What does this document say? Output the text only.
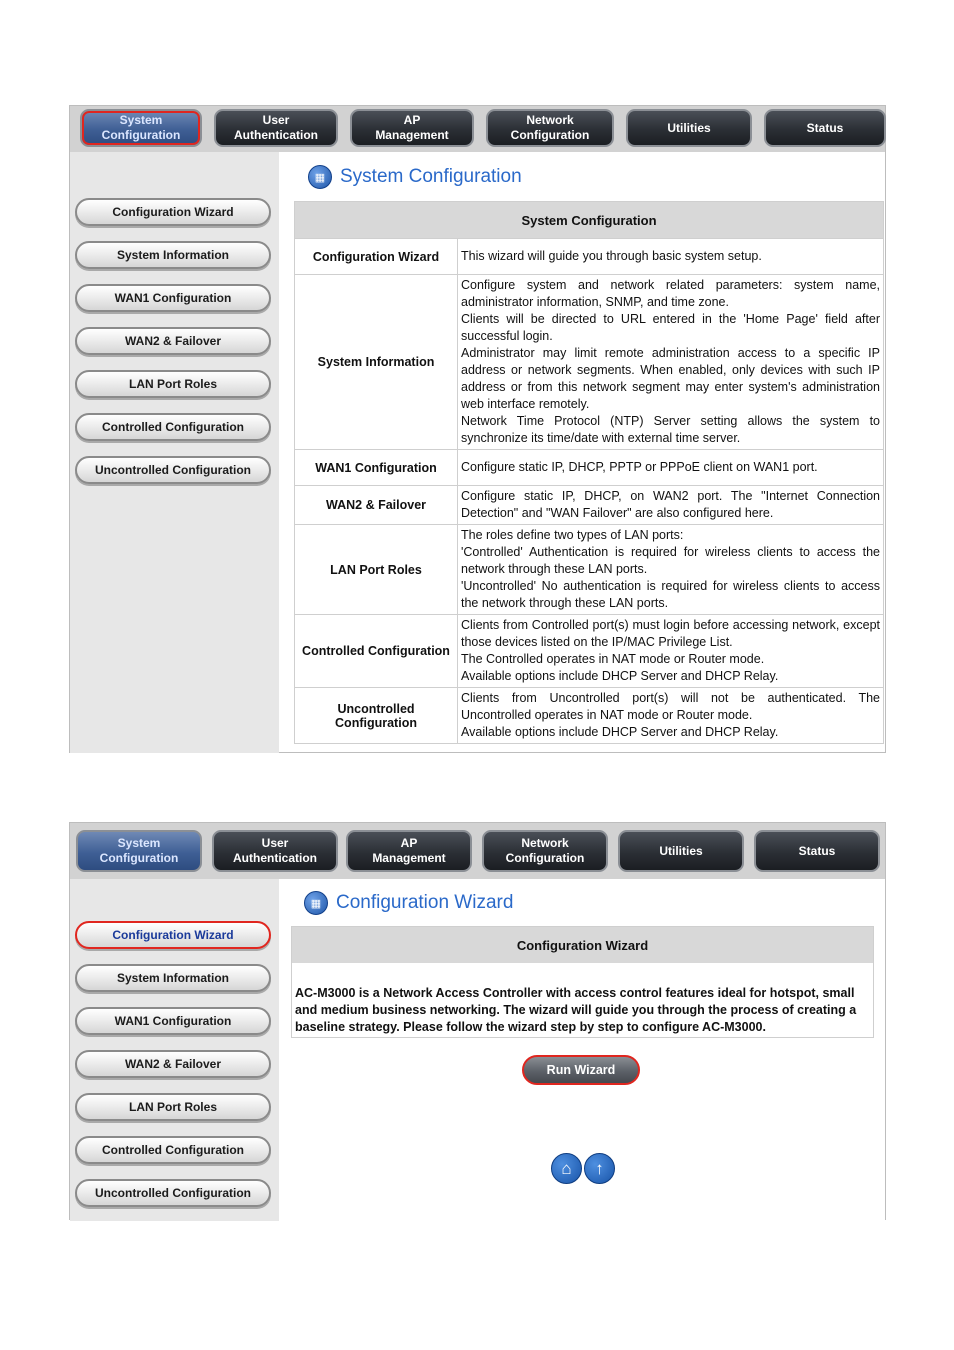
System
Configuration
User
Authentication
AP
Management
Network
Configuration
Utilities	Status
Configuration Wizard
System Information
WAN1 Configuration
WAN2 & Failover
LAN Port Roles
Controlled Configuration
Uncontrolled Configuration
▦ System Configuration
System Configuration	
Configuration Wizard	This wizard will guide you through basic system setup.
System Information	Configure system and network related parameters: system name, administrator information, SNMP, and time zone.
Clients will be directed to URL entered in the 'Home Page' field after successful login.
Administrator may limit remote administration access to a specific IP address or network segments. When enabled, only devices with such IP address or from this network segment may enter system's administration web interface remotely.
Network Time Protocol (NTP) Server setting allows the system to synchronize its time/date with external time server.
WAN1 Configuration	Configure static IP, DHCP, PPTP or PPPoE client on WAN1 port.
WAN2 & Failover	Configure static IP, DHCP, on WAN2 port. The "Internet Connection Detection" and "WAN Failover" are also configured here.
LAN Port Roles	The roles define two types of LAN ports:
'Controlled' Authentication is required for wireless clients to access the network through these LAN ports.
'Uncontrolled' No authentication is required for wireless clients to access the network through these LAN ports.
Controlled Configuration	Clients from Controlled port(s) must login before accessing network, except those devices listed on the IP/MAC Privilege List.
The Controlled operates in NAT mode or Router mode.
Available options include DHCP Server and DHCP Relay.
Uncontrolled Configuration	Clients from Uncontrolled port(s) will not be authenticated. The Uncontrolled operates in NAT mode or Router mode.
Available options include DHCP Server and DHCP Relay.
System
Configuration
User
Authentication
AP
Management
Network
Configuration
Utilities	Status
Configuration Wizard
System Information
WAN1 Configuration
WAN2 & Failover
LAN Port Roles
Controlled Configuration
Uncontrolled Configuration
▦ Configuration Wizard
Configuration Wizard
AC-M3000 is a Network Access Controller with access control features ideal for hotspot, small and medium business networking. The wizard will guide you through the process of creating a baseline strategy. Please follow the wizard step by step to configure AC-M3000.
Run Wizard
⌂	↑
